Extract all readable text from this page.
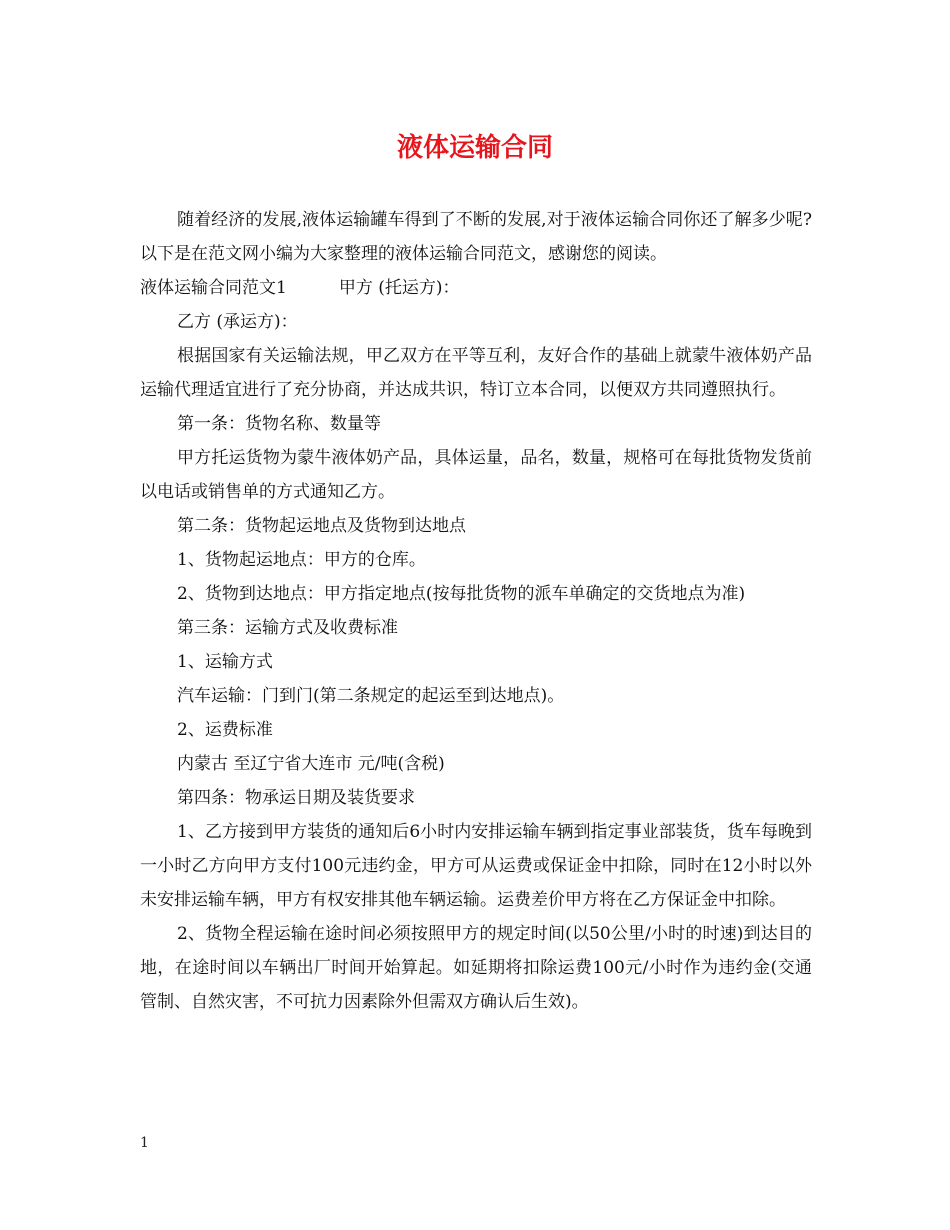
液体运输合同

随着经济的发展,液体运输罐车得到了不断的发展,对于液体运输合同你还了解多少呢?以下是在范文网小编为大家整理的液体运输合同范文，感谢您的阅读。

液体运输合同范文1	甲方 (托运方)：

乙方 (承运方)：

根据国家有关运输法规，甲乙双方在平等互利，友好合作的基础上就蒙牛液体奶产品运输代理适宜进行了充分协商，并达成共识，特订立本合同，以便双方共同遵照执行。

第一条：货物名称、数量等

甲方托运货物为蒙牛液体奶产品，具体运量，品名，数量，规格可在每批货物发货前以电话或销售单的方式通知乙方。

第二条：货物起运地点及货物到达地点

1、货物起运地点：甲方的仓库。

2、货物到达地点：甲方指定地点(按每批货物的派车单确定的交货地点为准)

第三条：运输方式及收费标准

1、运输方式

汽车运输：门到门(第二条规定的起运至到达地点)。

2、运费标准

内蒙古 至辽宁省大连市 元/吨(含税)

第四条：物承运日期及装货要求

1、乙方接到甲方装货的通知后6小时内安排运输车辆到指定事业部装货，货车每晚到一小时乙方向甲方支付100元违约金，甲方可从运费或保证金中扣除，同时在12小时以外未安排运输车辆，甲方有权安排其他车辆运输。运费差价甲方将在乙方保证金中扣除。

2、货物全程运输在途时间必须按照甲方的规定时间(以50公里/小时的时速)到达目的地，在途时间以车辆出厂时间开始算起。如延期将扣除运费100元/小时作为违约金(交通管制、自然灾害，不可抗力因素除外但需双方确认后生效)。

1
